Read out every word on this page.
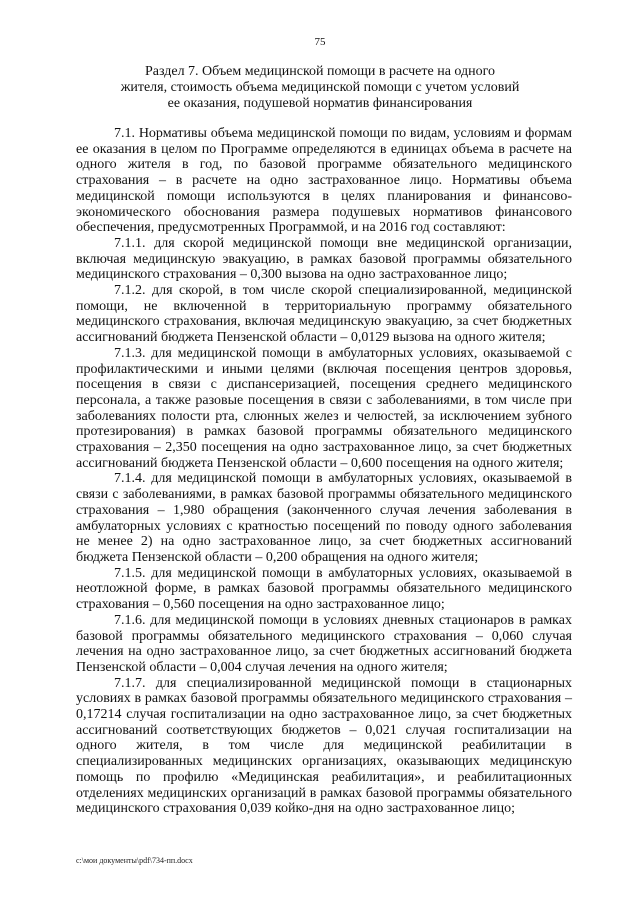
75
Раздел 7. Объем медицинской помощи в расчете на одного
жителя, стоимость объема медицинской помощи с учетом условий
ее оказания, подушевой норматив финансирования

7.1. Нормативы объема медицинской помощи по видам, условиям и формам ее оказания в целом по Программе определяются в единицах объема в расчете на одного жителя в год, по базовой программе обязательного медицинского страхования – в расчете на одно застрахованное лицо. Нормативы объема медицинской помощи используются в целях планирования и финансово-экономического обоснования размера подушевых нормативов финансового обеспечения, предусмотренных Программой, и на 2016 год составляют:

7.1.1. для скорой медицинской помощи вне медицинской организации, включая медицинскую эвакуацию, в рамках базовой программы обязательного медицинского страхования – 0,300 вызова на одно застрахованное лицо;

7.1.2. для скорой, в том числе скорой специализированной, медицинской помощи, не включенной в территориальную программу обязательного медицинского страхования, включая медицинскую эвакуацию, за счет бюджетных ассигнований бюджета Пензенской области – 0,0129 вызова на одного жителя;

7.1.3. для медицинской помощи в амбулаторных условиях, оказываемой с профилактическими и иными целями (включая посещения центров здоровья, посещения в связи с диспансеризацией, посещения среднего медицинского персонала, а также разовые посещения в связи с заболеваниями, в том числе при заболеваниях полости рта, слюнных желез и челюстей, за исключением зубного протезирования) в рамках базовой программы обязательного медицинского страхования – 2,350 посещения на одно застрахованное лицо, за счет бюджетных ассигнований бюджета Пензенской области – 0,600 посещения на одного жителя;

7.1.4. для медицинской помощи в амбулаторных условиях, оказываемой в связи с заболеваниями, в рамках базовой программы обязательного медицинского страхования – 1,980 обращения (законченного случая лечения заболевания в амбулаторных условиях с кратностью посещений по поводу одного заболевания не менее 2) на одно застрахованное лицо, за счет бюджетных ассигнований бюджета Пензенской области – 0,200 обращения на одного жителя;

7.1.5. для медицинской помощи в амбулаторных условиях, оказываемой в неотложной форме, в рамках базовой программы обязательного медицинского страхования – 0,560 посещения на одно застрахованное лицо;

7.1.6. для медицинской помощи в условиях дневных стационаров в рамках базовой программы обязательного медицинского страхования – 0,060 случая лечения на одно застрахованное лицо, за счет бюджетных ассигнований бюджета Пензенской области – 0,004 случая лечения на одного жителя;

7.1.7. для специализированной медицинской помощи в стационарных условиях в рамках базовой программы обязательного медицинского страхования – 0,17214 случая госпитализации на одно застрахованное лицо, за счет бюджетных ассигнований соответствующих бюджетов – 0,021 случая госпитализации на одного жителя, в том числе для медицинской реабилитации в специализированных медицинских организациях, оказывающих медицинскую помощь по профилю «Медицинская реабилитация», и реабилитационных отделениях медицинских организаций в рамках базовой программы обязательного медицинского страхования 0,039 койко-дня на одно застрахованное лицо;

c:\мои документы\pdf\734-пп.docx
